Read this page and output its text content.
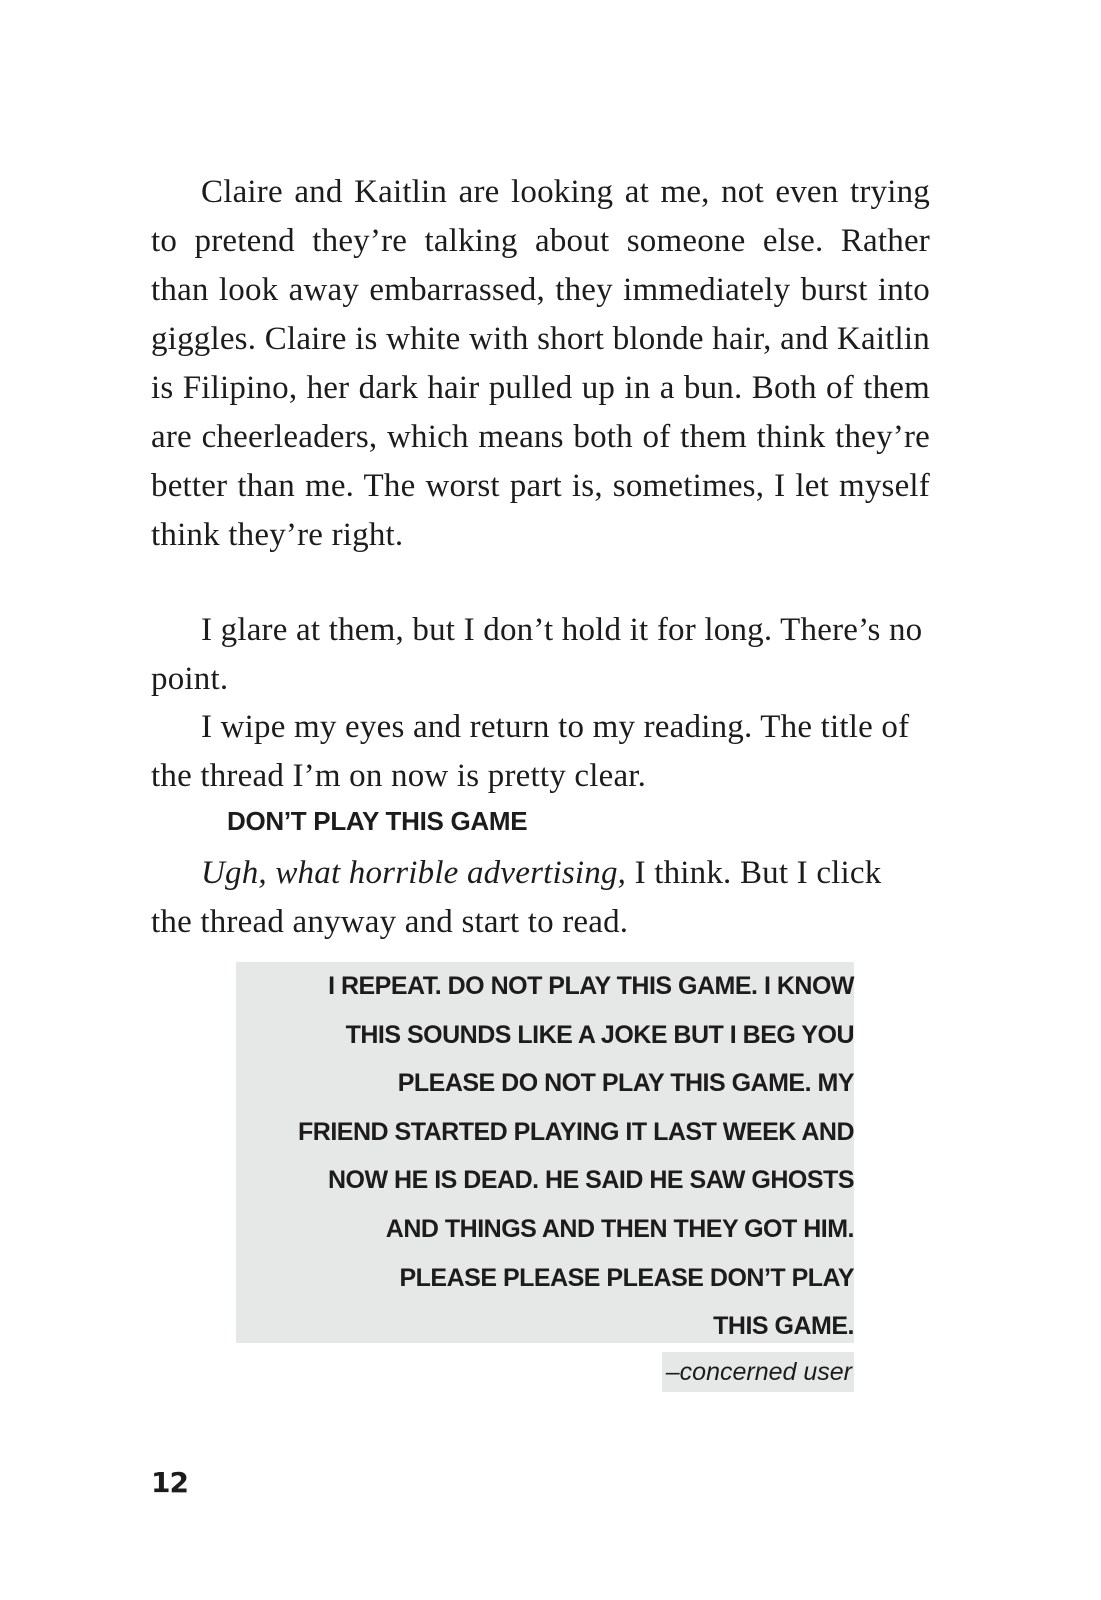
Claire and Kaitlin are looking at me, not even trying to pretend they’re talking about someone else. Rather than look away embarrassed, they immediately burst into giggles. Claire is white with short blonde hair, and Kaitlin is Filipino, her dark hair pulled up in a bun. Both of them are cheerleaders, which means both of them think they’re better than me. The worst part is, sometimes, I let myself think they’re right.

I glare at them, but I don’t hold it for long. There’s no point.

I wipe my eyes and return to my reading. The title of the thread I’m on now is pretty clear.

DON’T PLAY THIS GAME

Ugh, what horrible advertising, I think. But I click the thread anyway and start to read.

I REPEAT. DO NOT PLAY THIS GAME. I KNOW
THIS SOUNDS LIKE A JOKE BUT I BEG YOU
PLEASE DO NOT PLAY THIS GAME. MY
FRIEND STARTED PLAYING IT LAST WEEK AND
NOW HE IS DEAD. HE SAID HE SAW GHOSTS
AND THINGS AND THEN THEY GOT HIM.
PLEASE PLEASE PLEASE DON’T PLAY
THIS GAME.
–concerned user
12
